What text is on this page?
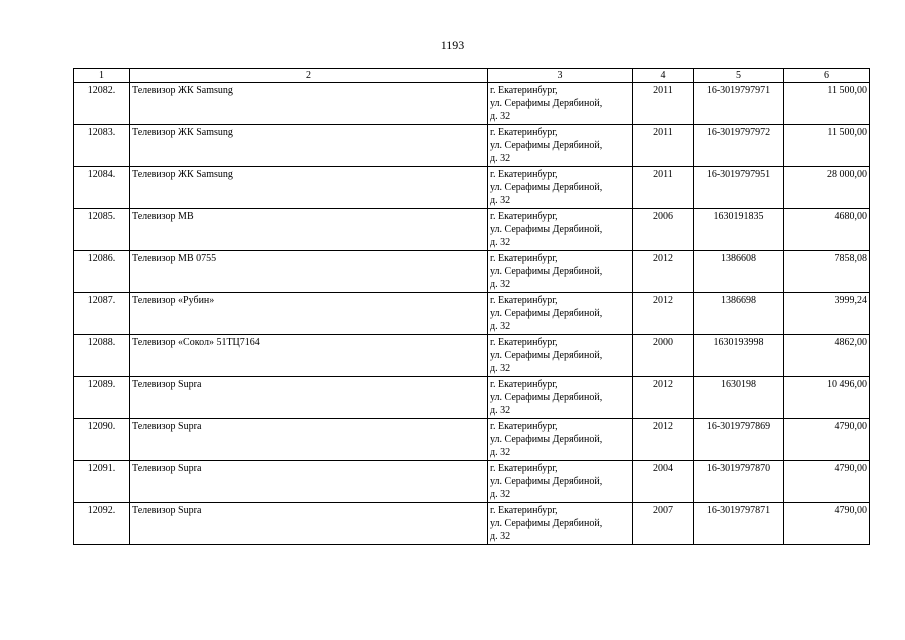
1193
1	2	3	4	5	6
12082.	Телевизор ЖК Samsung	г. Екатеринбург,
ул. Серафимы Дерябиной,
д. 32	2011	16-3019797971	11 500,00
12083.	Телевизор ЖК Samsung	г. Екатеринбург,
ул. Серафимы Дерябиной,
д. 32	2011	16-3019797972	11 500,00
12084.	Телевизор ЖК Samsung	г. Екатеринбург,
ул. Серафимы Дерябиной,
д. 32	2011	16-3019797951	28 000,00
12085.	Телевизор МВ	г. Екатеринбург,
ул. Серафимы Дерябиной,
д. 32	2006	1630191835	4680,00
12086.	Телевизор МВ 0755	г. Екатеринбург,
ул. Серафимы Дерябиной,
д. 32	2012	1386608	7858,08
12087.	Телевизор «Рубин»	г. Екатеринбург,
ул. Серафимы Дерябиной,
д. 32	2012	1386698	3999,24
12088.	Телевизор «Сокол» 51ТЦ7164	г. Екатеринбург,
ул. Серафимы Дерябиной,
д. 32	2000	1630193998	4862,00
12089.	Телевизор Supra	г. Екатеринбург,
ул. Серафимы Дерябиной,
д. 32	2012	1630198	10 496,00
12090.	Телевизор Supra	г. Екатеринбург,
ул. Серафимы Дерябиной,
д. 32	2012	16-3019797869	4790,00
12091.	Телевизор Supra	г. Екатеринбург,
ул. Серафимы Дерябиной,
д. 32	2004	16-3019797870	4790,00
12092.	Телевизор Supra	г. Екатеринбург,
ул. Серафимы Дерябиной,
д. 32	2007	16-3019797871	4790,00
